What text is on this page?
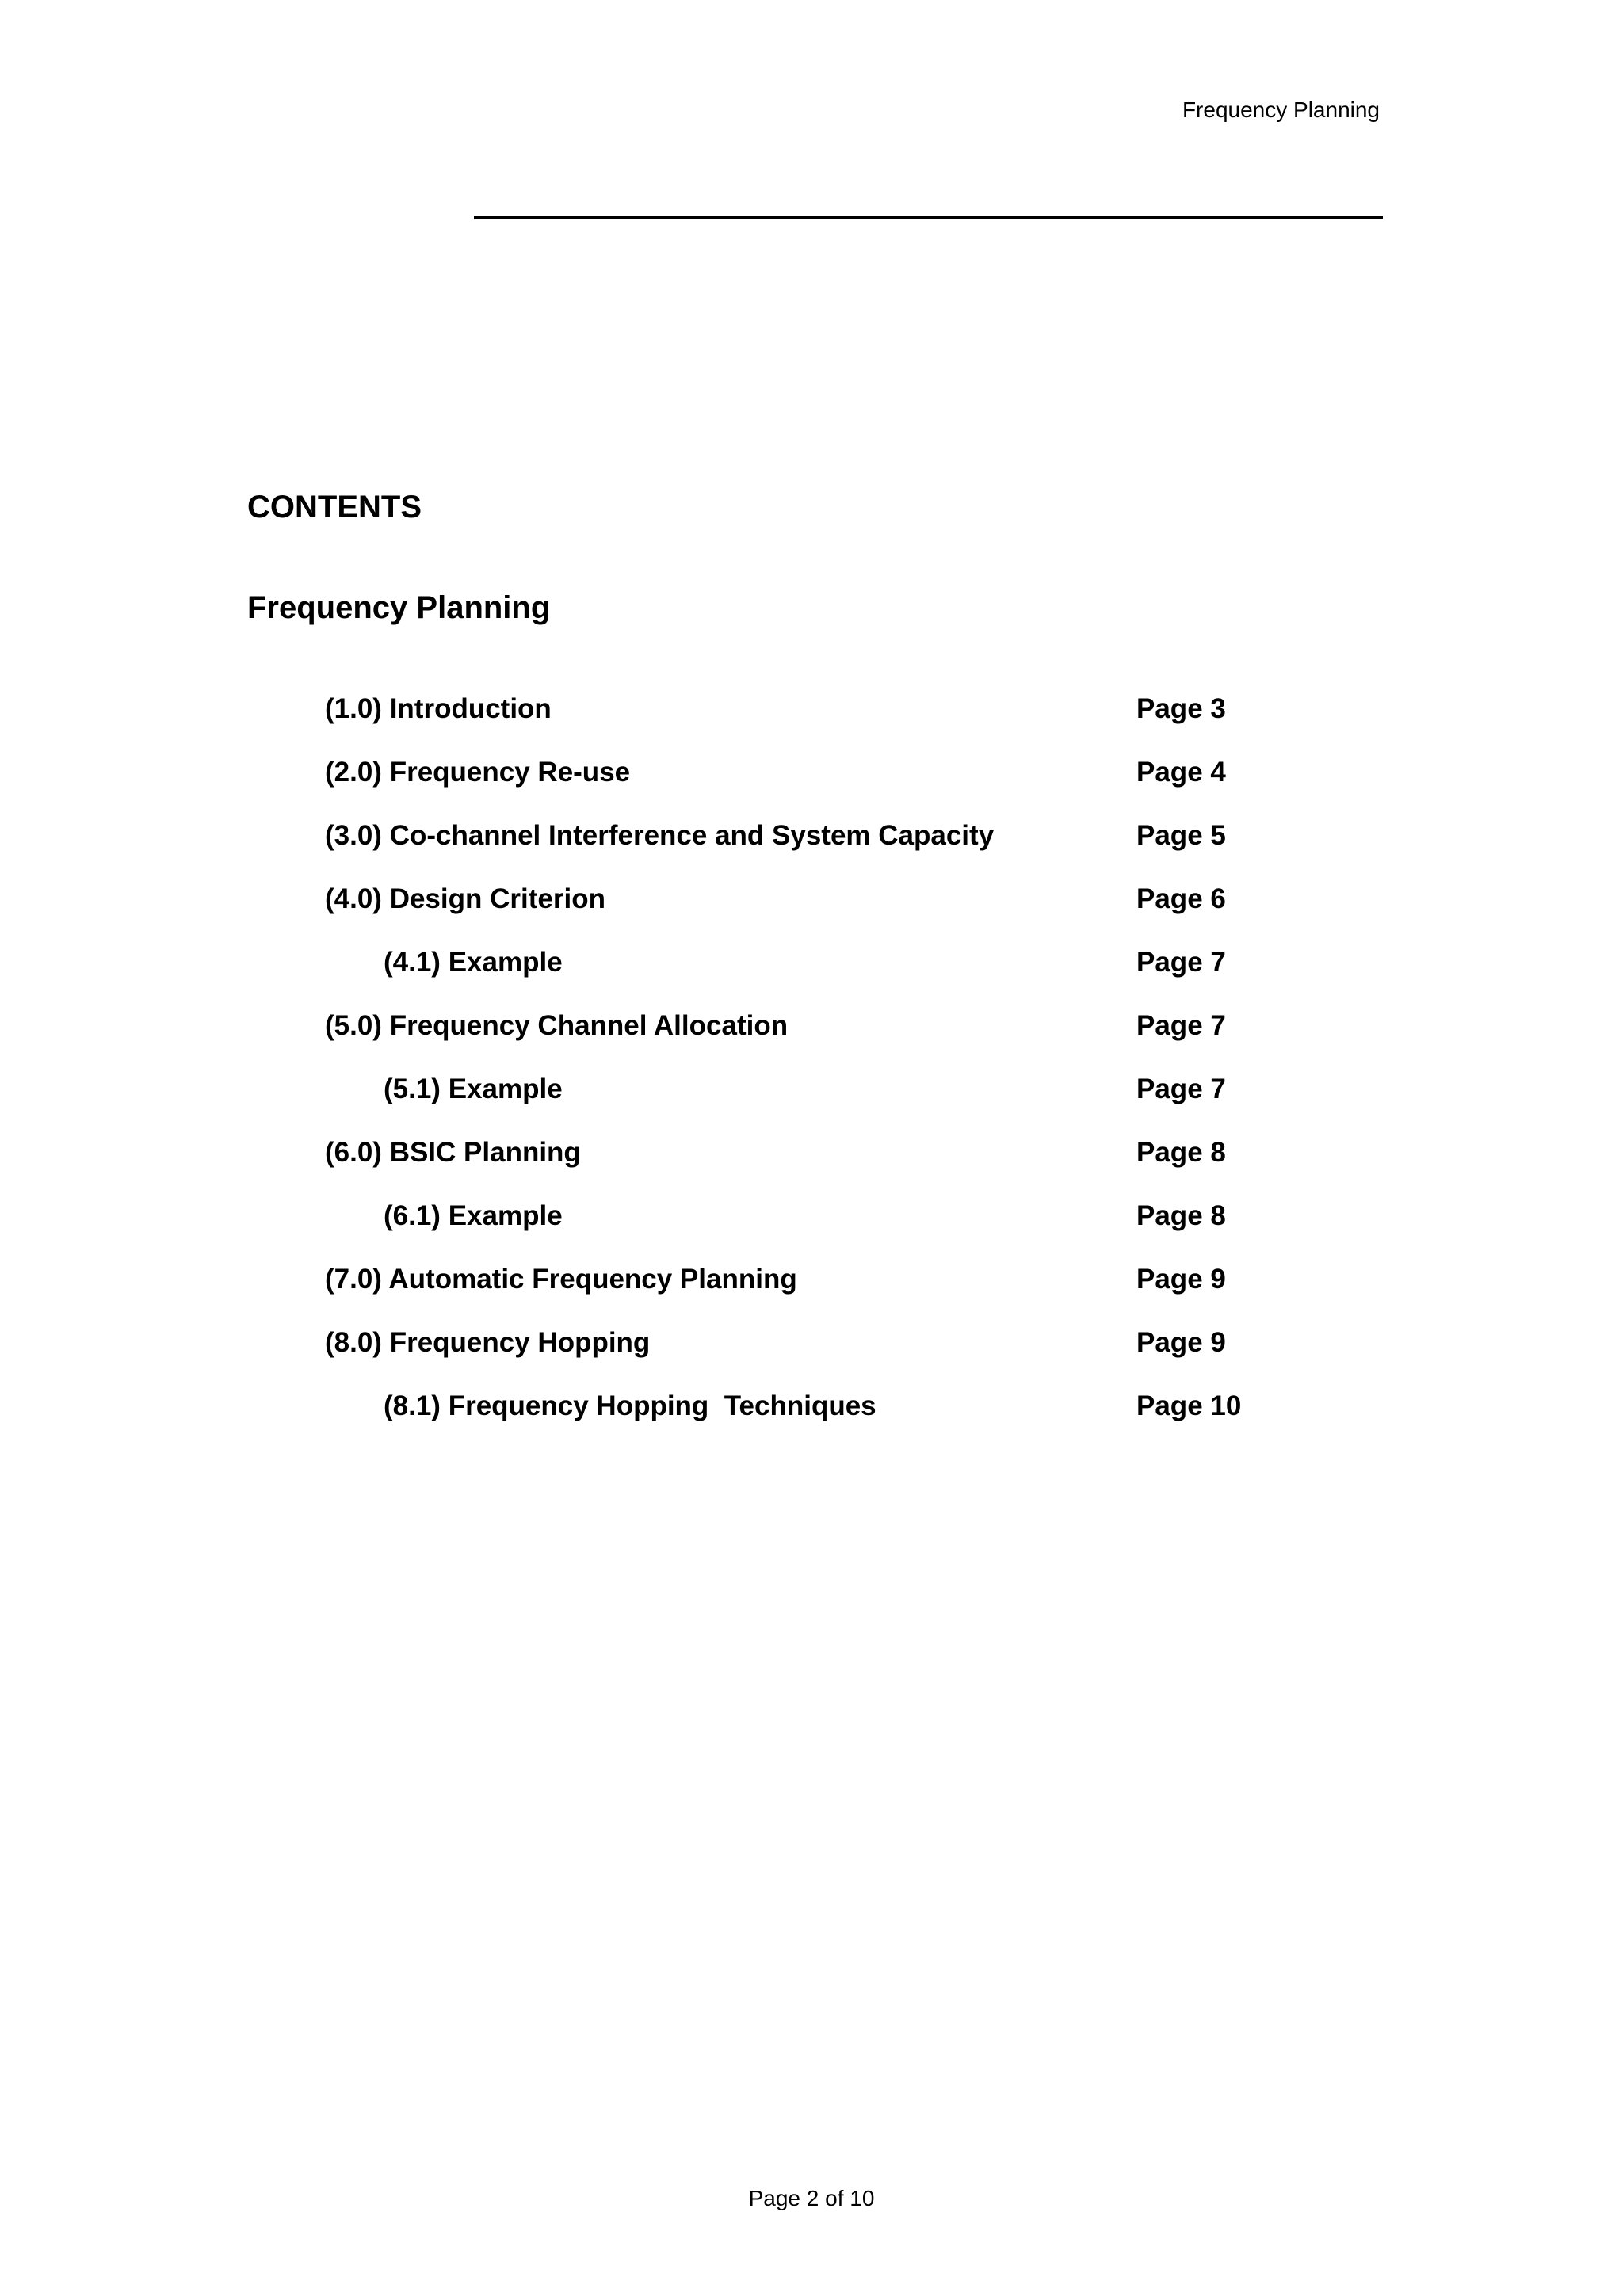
Frequency Planning
CONTENTS
Frequency Planning
(1.0) Introduction	Page 3
(2.0) Frequency Re-use	Page 4
(3.0) Co-channel Interference and System Capacity	Page 5
(4.0) Design Criterion	Page 6
(4.1) Example	Page 7
(5.0) Frequency Channel Allocation	Page 7
(5.1) Example	Page 7
(6.0) BSIC Planning	Page 8
(6.1) Example	Page 8
(7.0) Automatic Frequency Planning	Page 9
(8.0) Frequency Hopping	Page 9
(8.1) Frequency Hopping  Techniques	Page 10
Page 2 of 10
